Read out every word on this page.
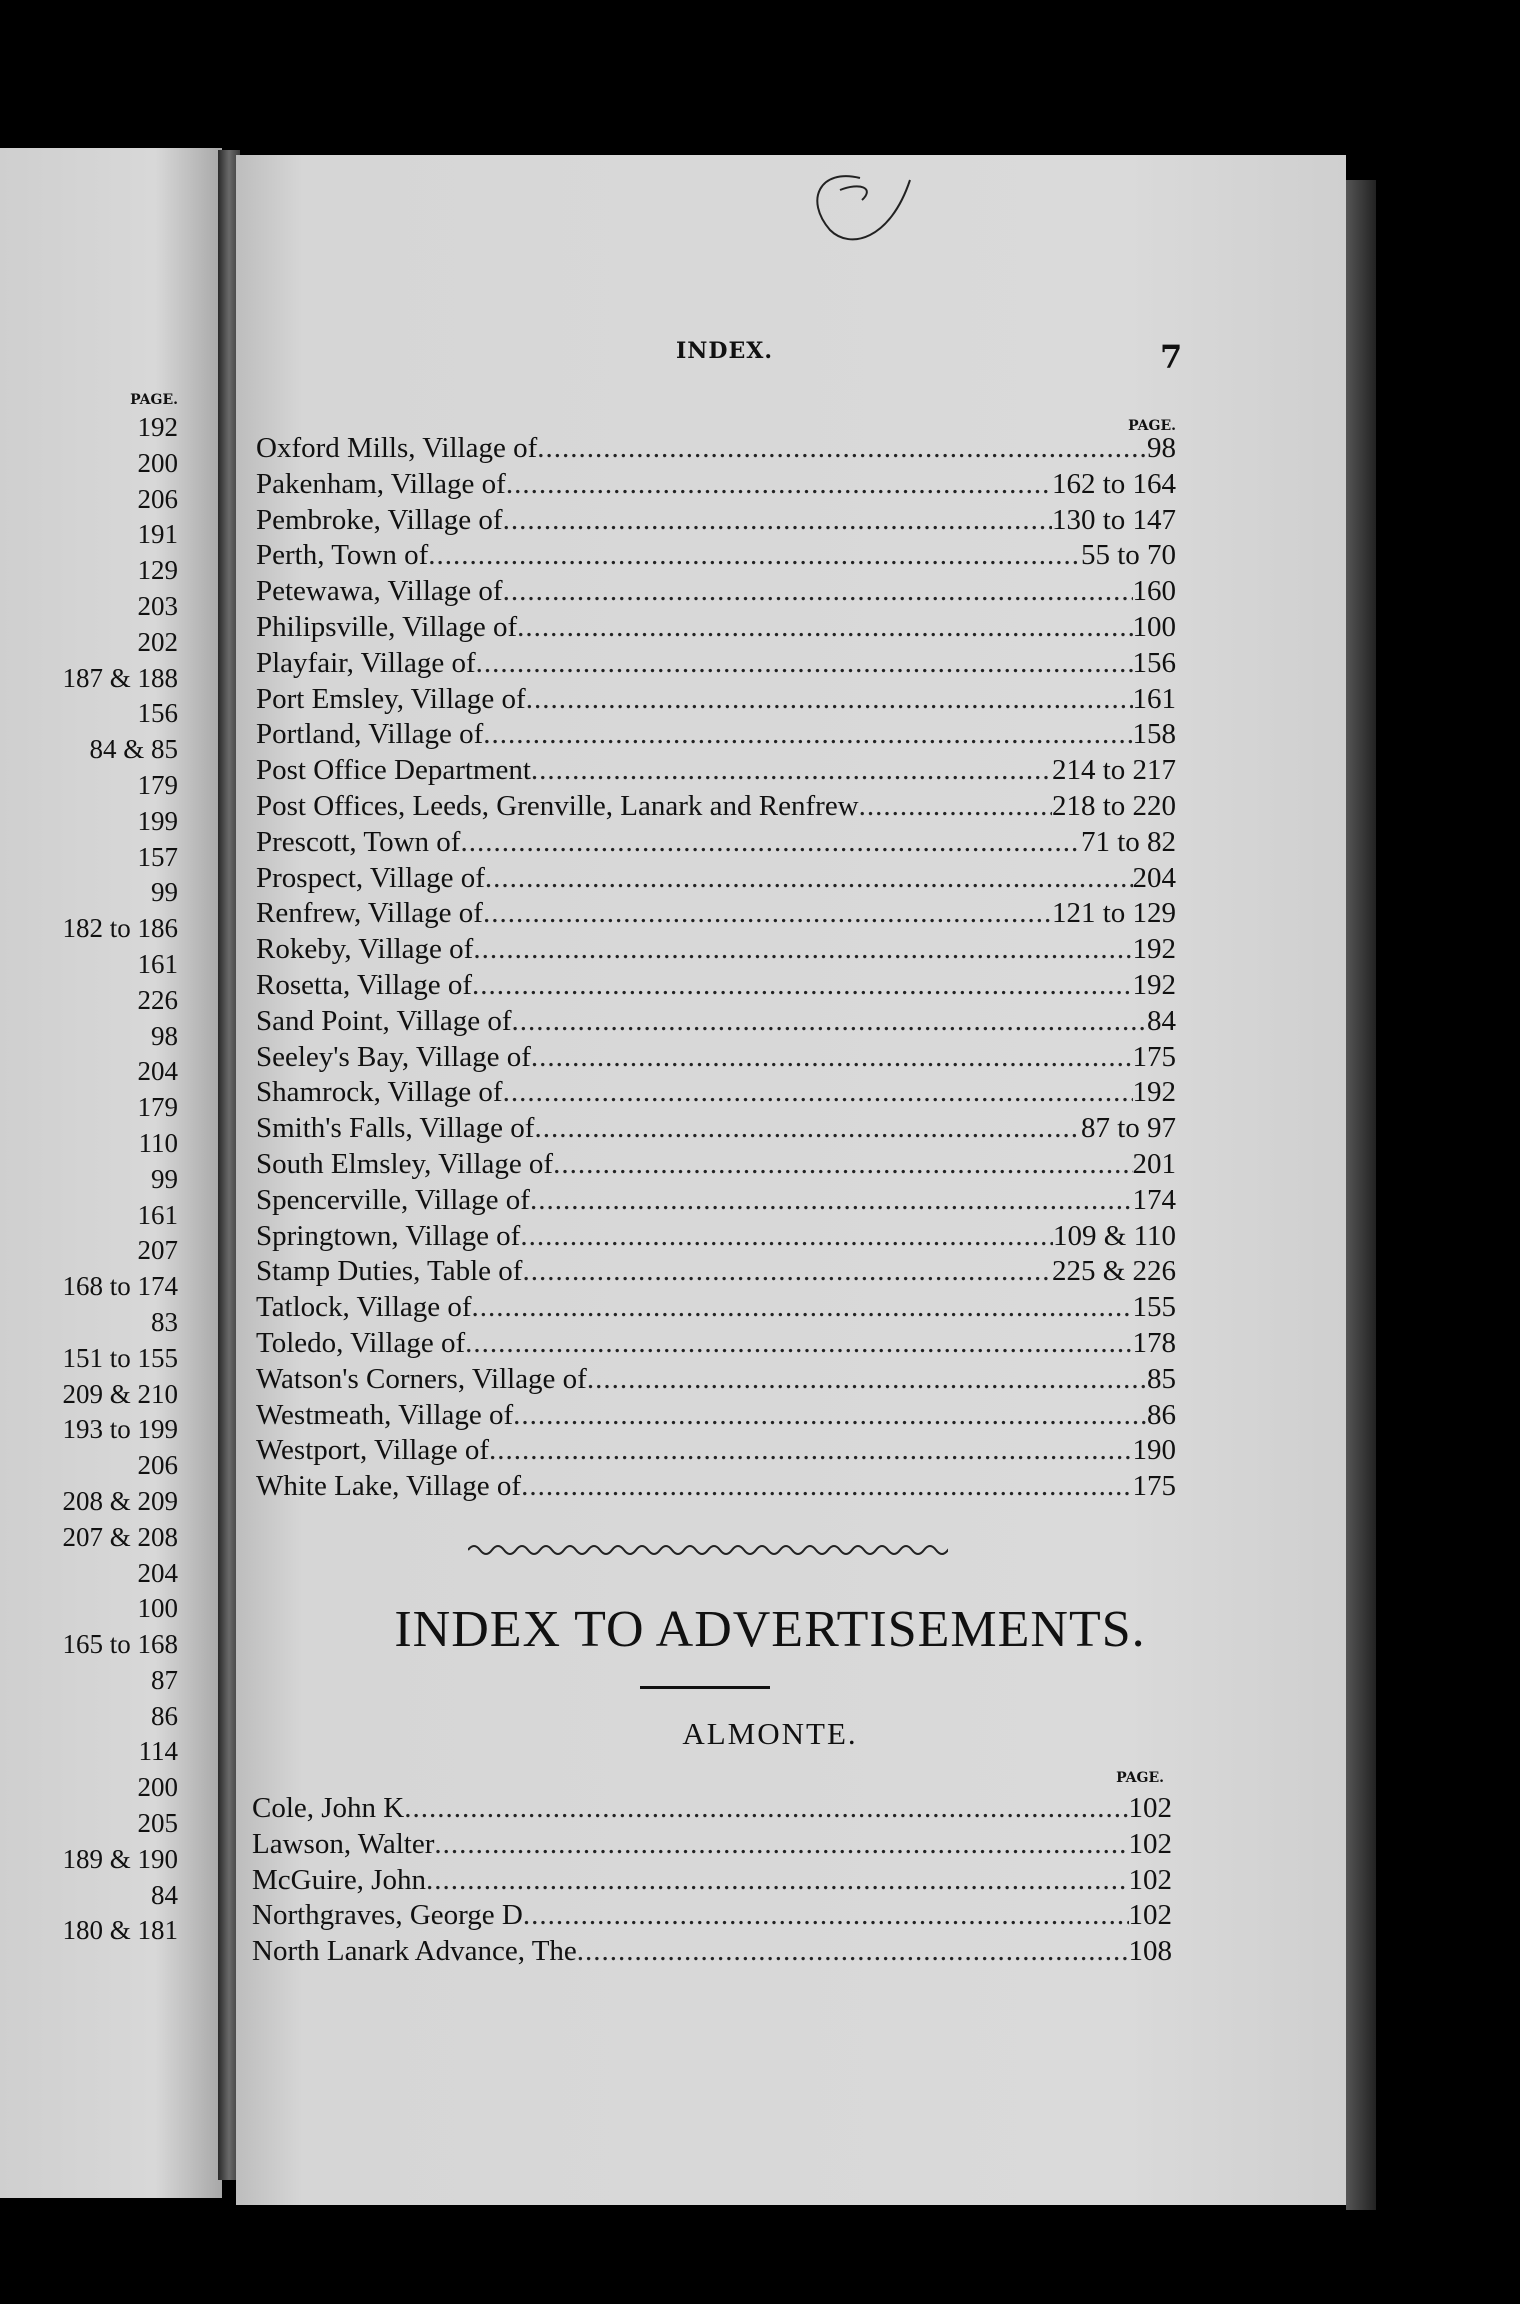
PAGE.
192
200
206
191
129
203
202
187 & 188
156
84 & 85
179
199
157
99
182 to 186
161
226
98
204
179
110
99
161
207
168 to 174
83
151 to 155
209 & 210
193 to 199
206
208 & 209
207 & 208
204
100
165 to 168
87
86
114
200
205
189 & 190
84
180 & 181
INDEX.	7
PAGE.
Oxford Mills, Village of .....	98
Pakenham, Village of .....	162 to 164
Pembroke, Village of .....	130 to 147
Perth, Town of .....	55 to 70
Petewawa, Village of .....	160
Philipsville, Village of .....	100
Playfair, Village of .....	156
Port Emsley, Village of .....	161
Portland, Village of .....	158
Post Office Department .....	214 to 217
Post Offices, Leeds, Grenville, Lanark and Renfrew .....	218 to 220
Prescott, Town of .....	71 to 82
Prospect, Village of .....	204
Renfrew, Village of .....	121 to 129
Rokeby, Village of .....	192
Rosetta, Village of .....	192
Sand Point, Village of .....	84
Seeley's Bay, Village of .....	175
Shamrock, Village of .....	192
Smith's Falls, Village of .....	87 to 97
South Elmsley, Village of .....	201
Spencerville, Village of .....	174
Springtown, Village of .....	109 & 110
Stamp Duties, Table of .....	225 & 226
Tatlock, Village of .....	155
Toledo, Village of .....	178
Watson's Corners, Village of .....	85
Westmeath, Village of .....	86
Westport, Village of .....	190
White Lake, Village of .....	175
INDEX TO ADVERTISEMENTS.
ALMONTE.
PAGE.
Cole, John K .....	102
Lawson, Walter .....	102
McGuire, John .....	102
Northgraves, George D .....	102
North Lanark Advance, The .....	108
